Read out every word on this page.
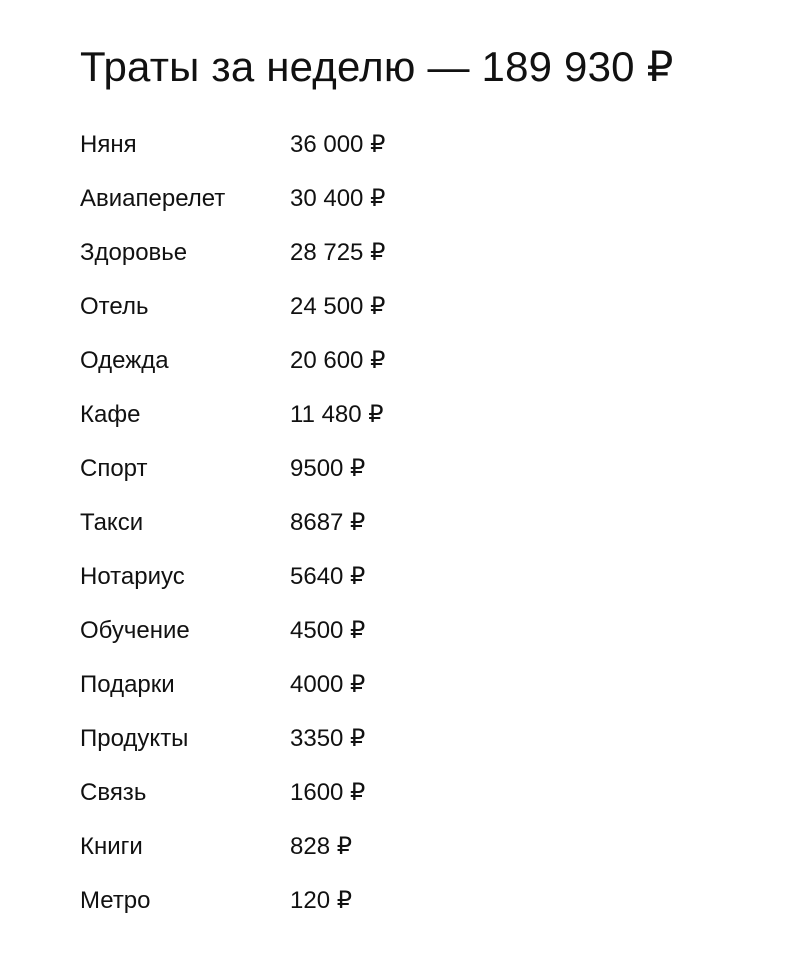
Траты за неделю — 189 930 ₽
Няня	36 000 ₽
Авиаперелет	30 400 ₽
Здоровье	28 725 ₽
Отель	24 500 ₽
Одежда	20 600 ₽
Кафе	11 480 ₽
Спорт	9500 ₽
Такси	8687 ₽
Нотариус	5640 ₽
Обучение	4500 ₽
Подарки	4000 ₽
Продукты	3350 ₽
Связь	1600 ₽
Книги	828 ₽
Метро	120 ₽
